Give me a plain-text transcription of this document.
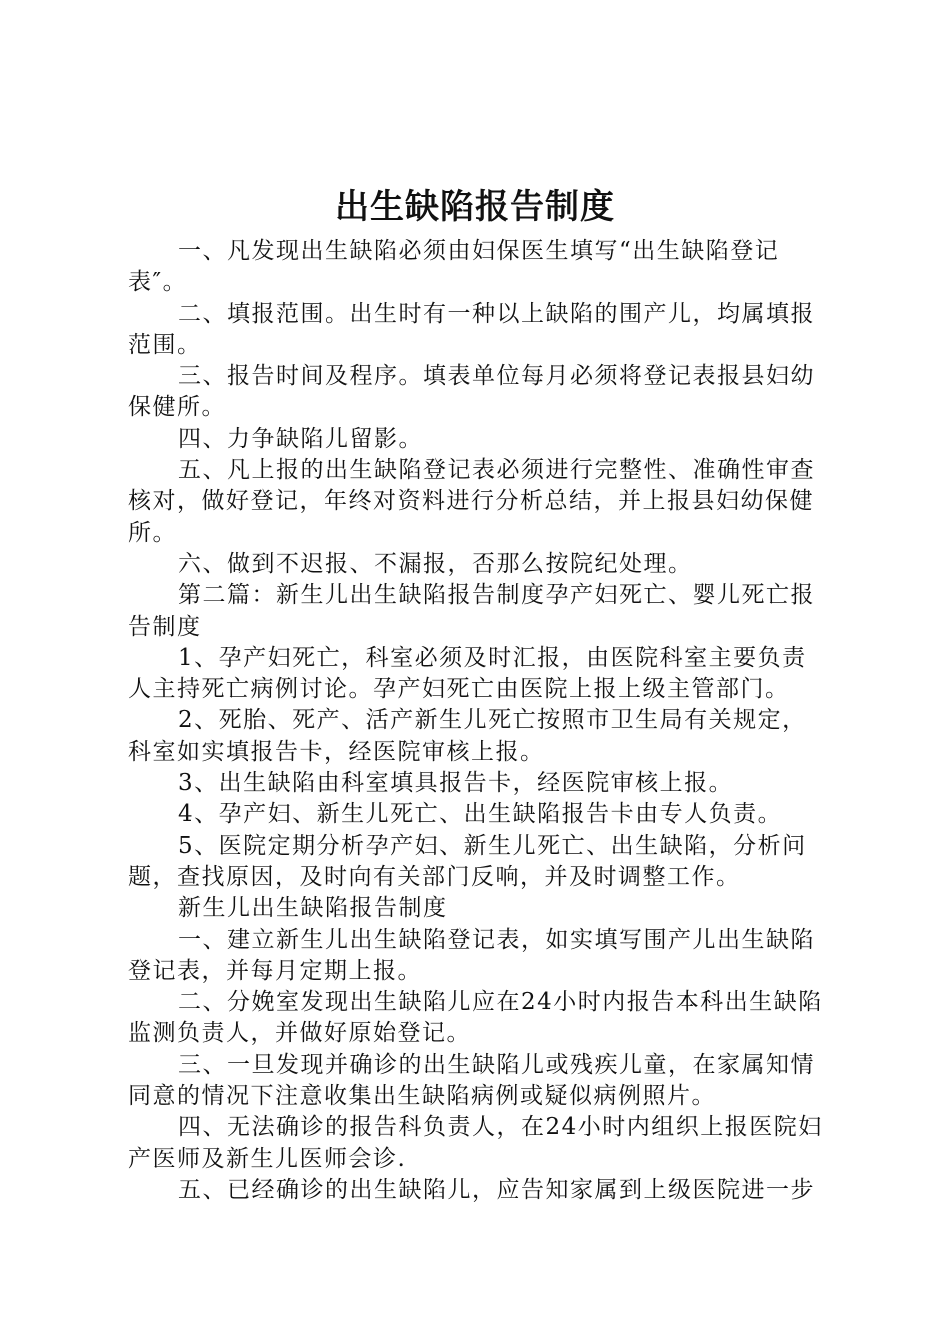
出生缺陷报告制度

一、凡发现出生缺陷必须由妇保医生填写“出生缺陷登记表″。

二、填报范围。出生时有一种以上缺陷的围产儿，均属填报范围。

三、报告时间及程序。填表单位每月必须将登记表报县妇幼保健所。

四、力争缺陷儿留影。

五、凡上报的出生缺陷登记表必须进行完整性、准确性审查核对，做好登记，年终对资料进行分析总结，并上报县妇幼保健所。

六、做到不迟报、不漏报，否那么按院纪处理。

第二篇：新生儿出生缺陷报告制度孕产妇死亡、婴儿死亡报告制度

1、孕产妇死亡，科室必须及时汇报，由医院科室主要负责人主持死亡病例讨论。孕产妇死亡由医院上报上级主管部门。

2、死胎、死产、活产新生儿死亡按照市卫生局有关规定，科室如实填报告卡，经医院审核上报。

3、出生缺陷由科室填具报告卡，经医院审核上报。

4、孕产妇、新生儿死亡、出生缺陷报告卡由专人负责。

5、医院定期分析孕产妇、新生儿死亡、出生缺陷，分析问题，查找原因，及时向有关部门反响，并及时调整工作。

新生儿出生缺陷报告制度

一、建立新生儿出生缺陷登记表，如实填写围产儿出生缺陷登记表，并每月定期上报。

二、分娩室发现出生缺陷儿应在24小时内报告本科出生缺陷监测负责人，并做好原始登记。

三、一旦发现并确诊的出生缺陷儿或残疾儿童，在家属知情同意的情况下注意收集出生缺陷病例或疑似病例照片。

四、无法确诊的报告科负责人，在24小时内组织上报医院妇产医师及新生儿医师会诊.

五、已经确诊的出生缺陷儿，应告知家属到上级医院进一步
